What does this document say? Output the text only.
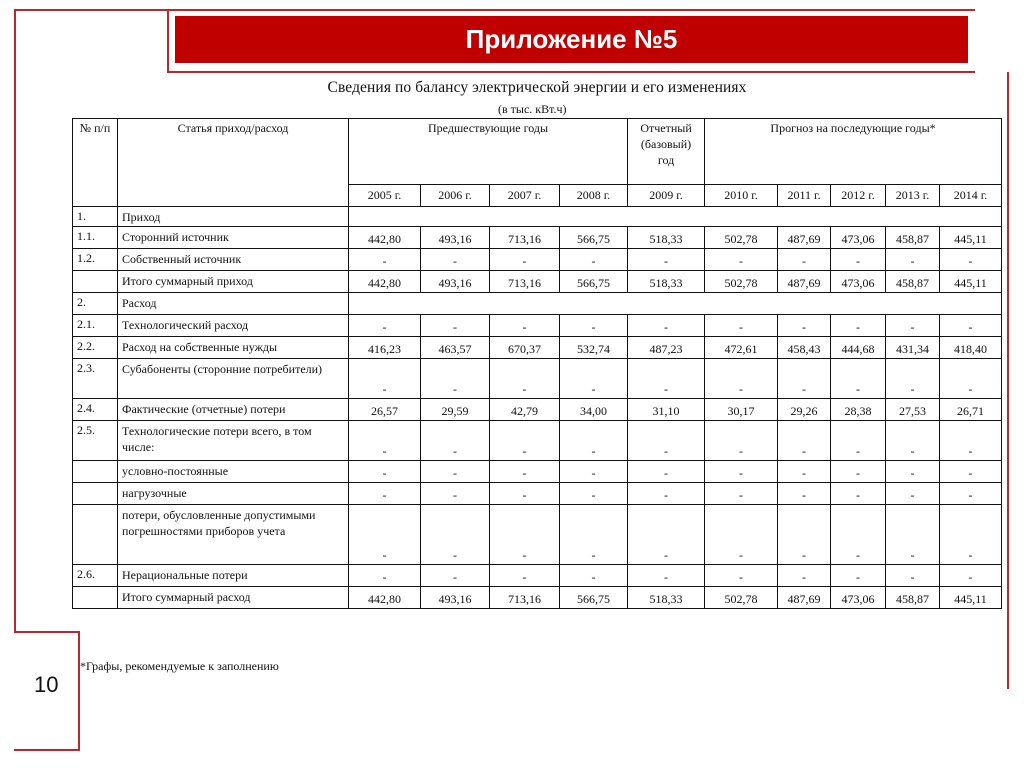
Приложение №5
Сведения по балансу электрической энергии и его изменениях
(в тыс. кВт.ч)
№ п/п	Статья приход/расход	Предшествующие годы				Отчетный (базовый) год	Прогноз на последующие годы*				
		2005 г.	2006 г.	2007 г.	2008 г.	2009 г.	2010 г.	2011 г.	2012 г.	2013 г.	2014 г.
1.	Приход										
1.1.	Сторонний источник	442,80	493,16	713,16	566,75	518,33	502,78	487,69	473,06	458,87	445,11
1.2.	Собственный источник	-	-	-	-	-	-	-	-	-	-
	Итого суммарный приход	442,80	493,16	713,16	566,75	518,33	502,78	487,69	473,06	458,87	445,11
2.	Расход										
2.1.	Технологический расход	-	-	-	-	-	-	-	-	-	-
2.2.	Расход на собственные нужды	416,23	463,57	670,37	532,74	487,23	472,61	458,43	444,68	431,34	418,40
2.3.	Субабоненты (сторонние потребители)	-	-	-	-	-	-	-	-	-	-
2.4.	Фактические (отчетные) потери	26,57	29,59	42,79	34,00	31,10	30,17	29,26	28,38	27,53	26,71
2.5.	Технологические потери всего, в том числе:	-	-	-	-	-	-	-	-	-	-
	условно-постоянные	-	-	-	-	-	-	-	-	-	-
	нагрузочные	-	-	-	-	-	-	-	-	-	-
	потери, обусловленные допустимыми погрешностями приборов учета	-	-	-	-	-	-	-	-	-	-
2.6.	Нерациональные потери	-	-	-	-	-	-	-	-	-	-
	Итого суммарный расход	442,80	493,16	713,16	566,75	518,33	502,78	487,69	473,06	458,87	445,11
*Графы, рекомендуемые к заполнению
10
